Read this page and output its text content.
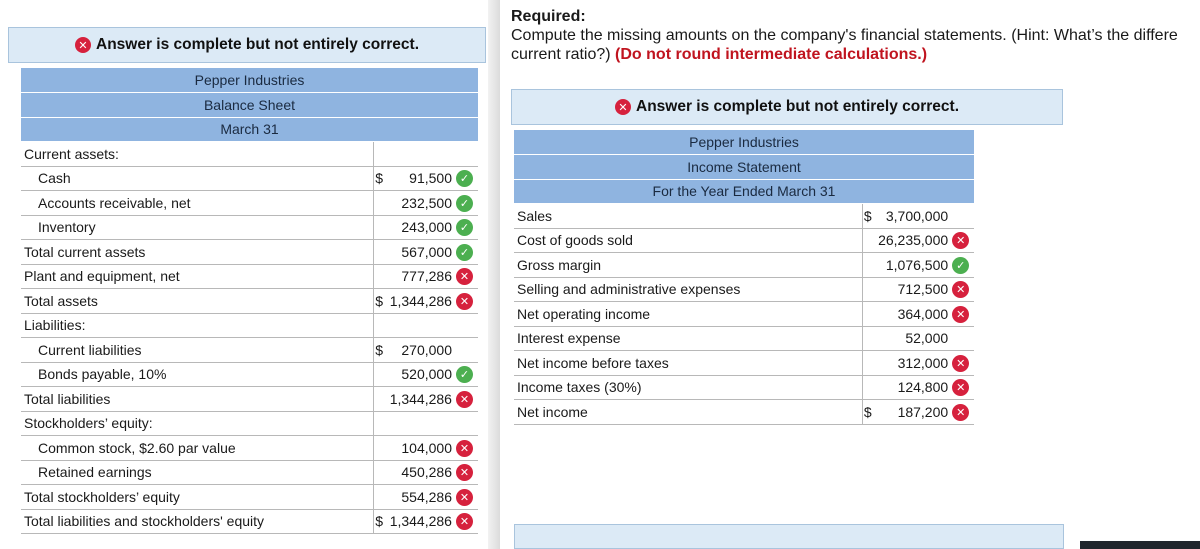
✕ Answer is complete but not entirely correct.
Pepper Industries			
Balance Sheet			
March 31			
Current assets:			
Cash	$	91,500	✓
Accounts receivable, net		232,500	✓
Inventory		243,000	✓
Total current assets		567,000	✓
Plant and equipment, net		777,286	✕
Total assets	$	1,344,286	✕
Liabilities:			
Current liabilities	$	270,000	
Bonds payable, 10%		520,000	✓
Total liabilities		1,344,286	✕
Stockholders’ equity:			
Common stock, $2.60 par value		104,000	✕
Retained earnings		450,286	✕
Total stockholders’ equity		554,286	✕
Total liabilities and stockholders' equity	$	1,344,286	✕
Required:
Compute the missing amounts on the company's financial statements. (Hint: What’s the differe
current ratio?) (Do not round intermediate calculations.)
✕ Answer is complete but not entirely correct.
Pepper Industries			
Income Statement			
For the Year Ended March 31			
Sales	$	3,700,000	
Cost of goods sold		26,235,000	✕
Gross margin		1,076,500	✓
Selling and administrative expenses		712,500	✕
Net operating income		364,000	✕
Interest expense		52,000	
Net income before taxes		312,000	✕
Income taxes (30%)		124,800	✕
Net income	$	187,200	✕
